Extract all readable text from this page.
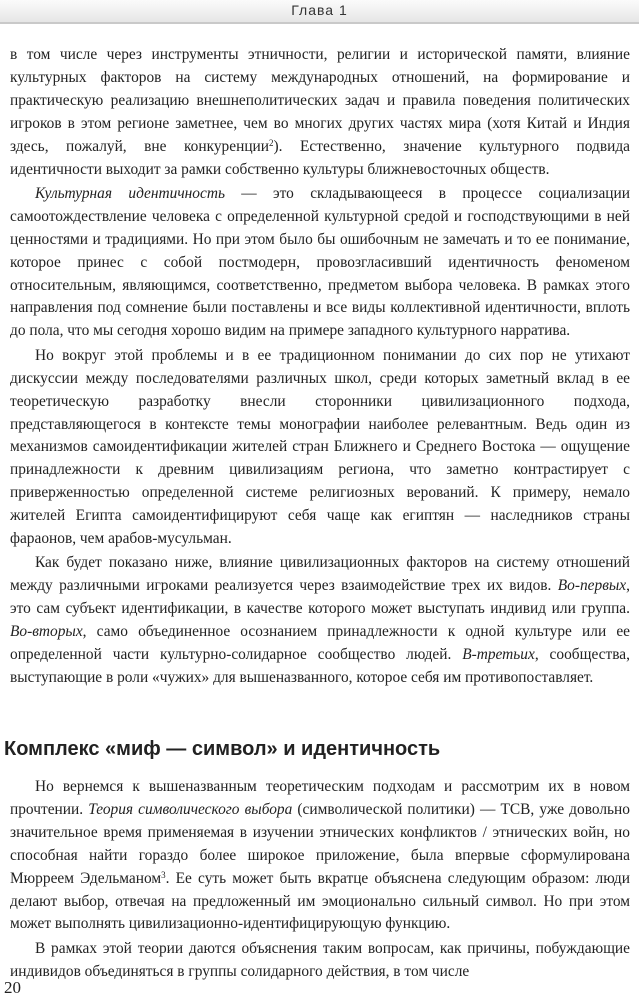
Глава 1

в том числе через инструменты этничности, религии и исторической памяти, влияние культурных факторов на систему международных отношений, на формирование и практическую реализацию внешнеполитических задач и правила поведения политических игроков в этом регионе заметнее, чем во многих других частях мира (хотя Китай и Индия здесь, пожалуй, вне конкуренции$^2$). Естественно, значение культурного подвида идентичности выходит за рамки собственно культуры ближневосточных обществ.

Культурная идентичность — это складывающееся в процессе социализации самоотождествление человека с определенной культурной средой и господствующими в ней ценностями и традициями. Но при этом было бы ошибочным не замечать и то ее понимание, которое принес с собой постмодерн, провозгласивший идентичность феноменом относительным, являющимся, соответственно, предметом выбора человека. В рамках этого направления под сомнение были поставлены и все виды коллективной идентичности, вплоть до пола, что мы сегодня хорошо видим на примере западного культурного нарратива.

Но вокруг этой проблемы и в ее традиционном понимании до сих пор не утихают дискуссии между последователями различных школ, среди которых заметный вклад в ее теоретическую разработку внесли сторонники цивилизационного подхода, представляющегося в контексте темы монографии наиболее релевантным. Ведь один из механизмов самоидентификации жителей стран Ближнего и Среднего Востока — ощущение принадлежности к древним цивилизациям региона, что заметно контрастирует с приверженностью определенной системе религиозных верований. К примеру, немало жителей Египта самоидентифицируют себя чаще как египтян — наследников страны фараонов, чем арабов-мусульман.

Как будет показано ниже, влияние цивилизационных факторов на систему отношений между различными игроками реализуется через взаимодействие трех их видов. Во-первых, это сам субъект идентификации, в качестве которого может выступать индивид или группа. Во-вторых, само объединенное осознанием принадлежности к одной культуре или ее определенной части культурно-солидарное сообщество людей. В-третьих, сообщества, выступающие в роли «чужих» для вышеназванного, которое себя им противопоставляет.

Комплекс «миф — символ» и идентичность

Но вернемся к вышеназванным теоретическим подходам и рассмотрим их в новом прочтении. Теория символического выбора (символической политики) — ТСВ, уже довольно значительное время применяемая в изучении этнических конфликтов / этнических войн, но способная найти гораздо более широкое приложение, была впервые сформулирована Мюрреем Эдельманом$^3$. Ее суть может быть вкратце объяснена следующим образом: люди делают выбор, отвечая на предложенный им эмоционально сильный символ. Но при этом может выполнять цивилизационно-идентифицирующую функцию.

В рамках этой теории даются объяснения таким вопросам, как причины, побуждающие индивидов объединяться в группы солидарного действия, в том числе

20
